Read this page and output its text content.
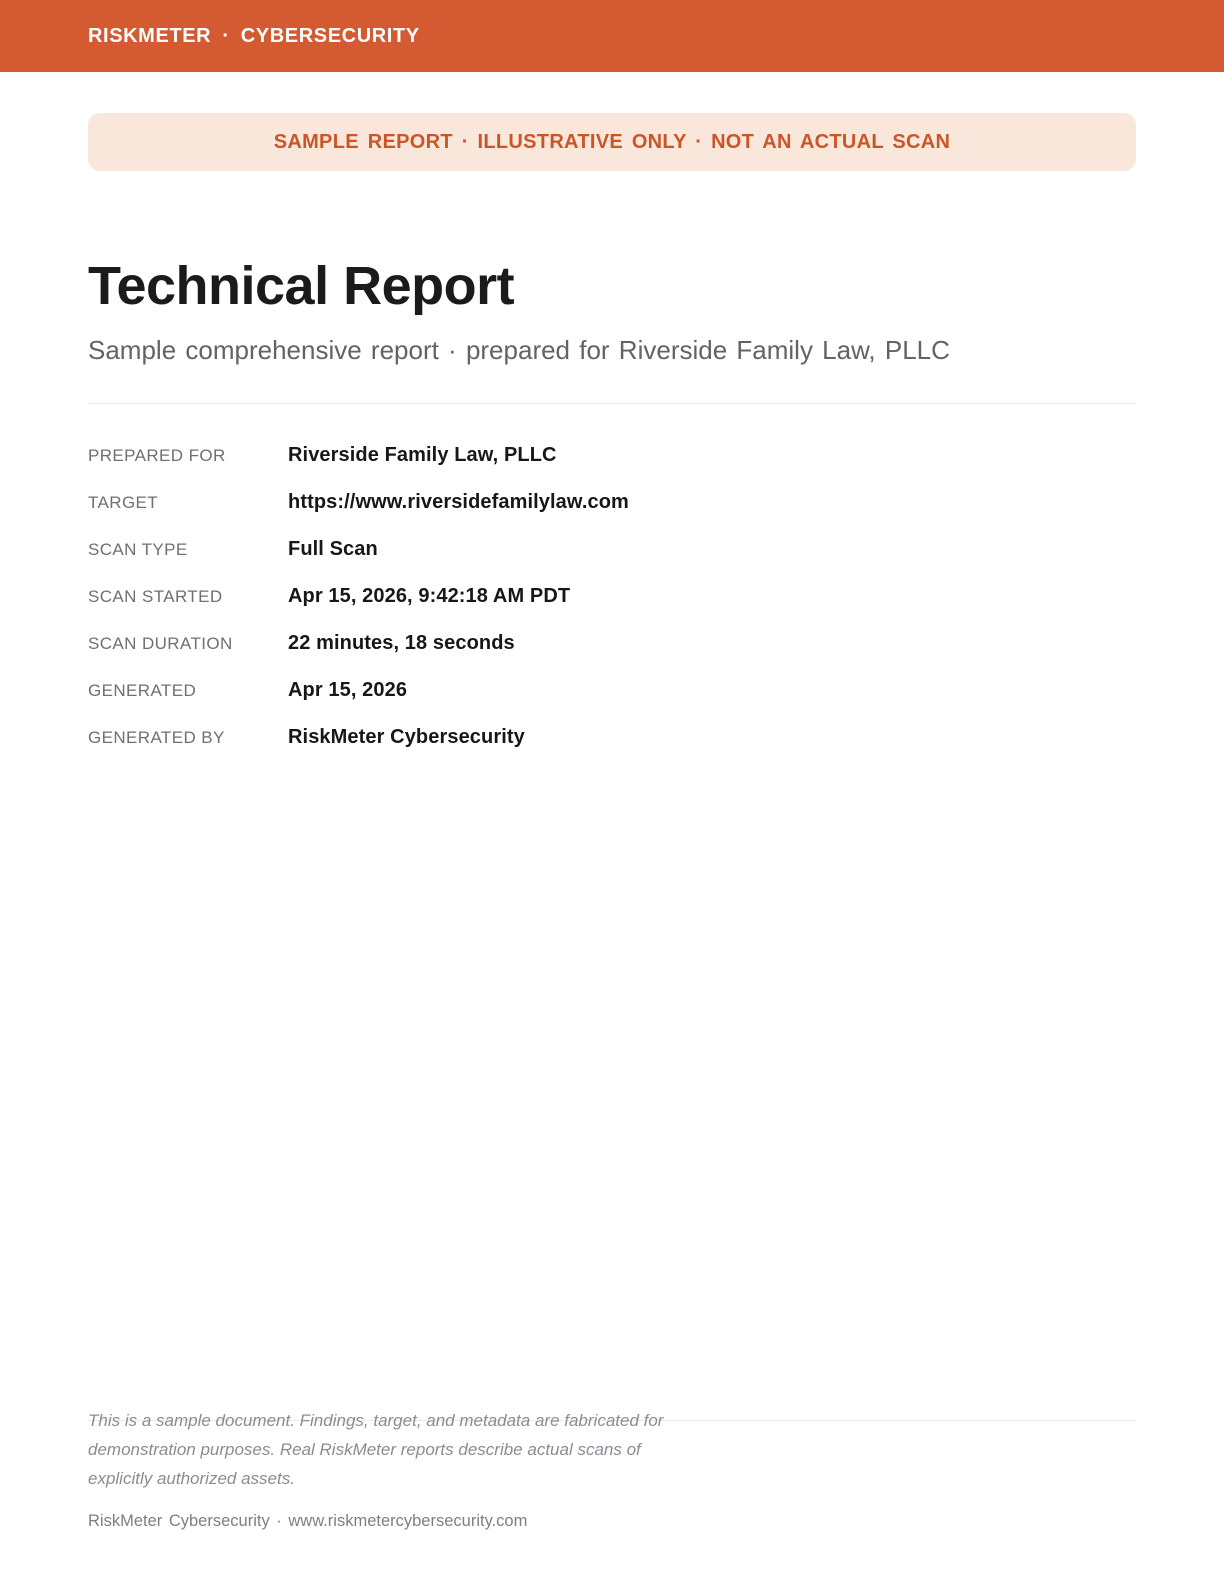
RISKMETER · CYBERSECURITY
SAMPLE REPORT · ILLUSTRATIVE ONLY · NOT AN ACTUAL SCAN
Technical Report
Sample comprehensive report · prepared for Riverside Family Law, PLLC
PREPARED FOR	Riverside Family Law, PLLC
TARGET	https://www.riversidefamilylaw.com
SCAN TYPE	Full Scan
SCAN STARTED	Apr 15, 2026, 9:42:18 AM PDT
SCAN DURATION	22 minutes, 18 seconds
GENERATED	Apr 15, 2026
GENERATED BY	RiskMeter Cybersecurity
This is a sample document. Findings, target, and metadata are fabricated for
demonstration purposes. Real RiskMeter reports describe actual scans of
explicitly authorized assets.
RiskMeter Cybersecurity · www.riskmetercybersecurity.com
